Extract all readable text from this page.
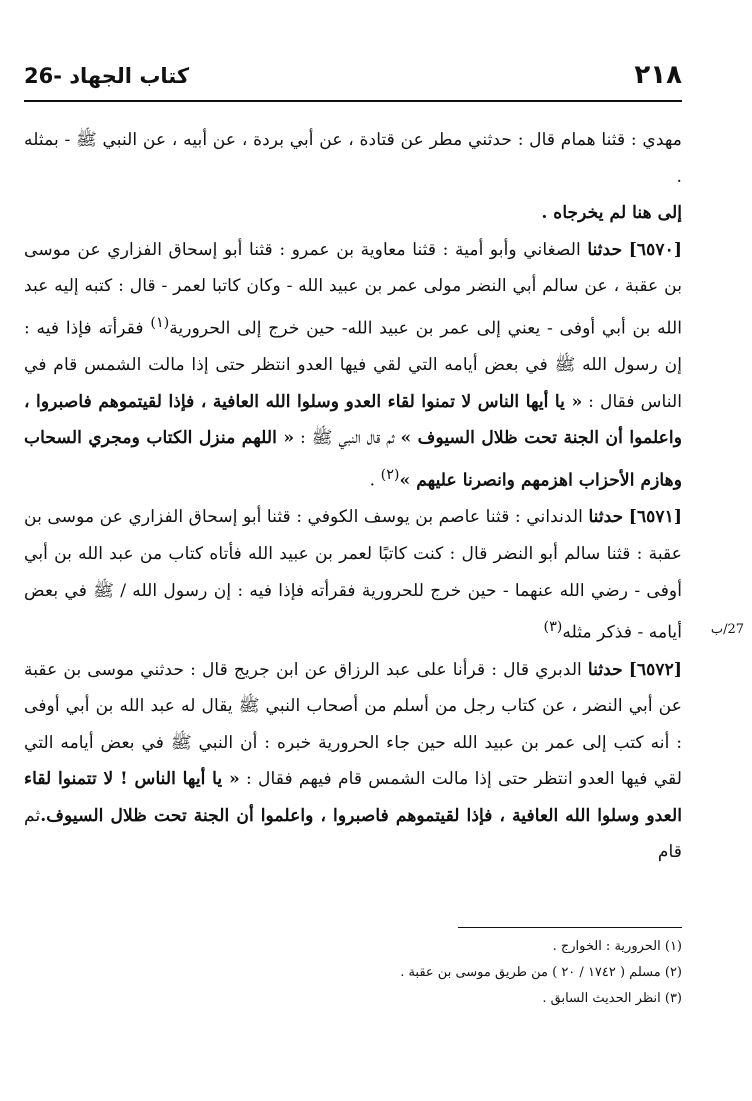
26- كتاب الجهاد	٢١٨

مهدي : قثنا همام قال : حدثني مطر عن قتادة ، عن أبي بردة ، عن أبيه ، عن النبي ﷺ - بمثله .

إلى هنا لم يخرجاه .

[٦٥٧٠] حدثنا الصغاني وأبو أمية : قثنا معاوية بن عمرو : قثنا أبو إسحاق الفزاري عن موسى بن عقبة ، عن سالم أبي النضر مولى عمر بن عبيد الله - وكان كاتبا لعمر - قال : كتبه إليه عبد الله بن أبي أوفى - يعني إلى عمر بن عبيد الله- حين خرج إلى الحرورية$^{(١)}$ فقرأته فإذا فيه : إن رسول الله ﷺ في بعض أيامه التي لقي فيها العدو انتظر حتى إذا مالت الشمس قام في الناس فقال : « يا أيها الناس لا تمنوا لقاء العدو وسلوا الله العافية ، فإذا لقيتموهم فاصبروا ، واعلموا أن الجنة تحت ظلال السيوف » ثم قال النبي ﷺ : « اللهم منزل الكتاب ومجري السحاب وهازم الأحزاب اهزمهم وانصرنا عليهم »$^{(٢)}$ .

[٦٥٧١] حدثنا الدنداني : قثنا عاصم بن يوسف الكوفي : قثنا أبو إسحاق الفزاري عن موسى بن عقبة : قثنا سالم أبو النضر قال : كنت كاتبًا لعمر بن عبيد الله فأتاه كتاب من عبد الله بن أبي أوفى - رضي الله عنهما - حين خرج للحرورية فقرأته فإذا فيه : إن رسول الله / ﷺ في بعض أيامه - فذكر مثله$^{(٣)}$

[٦٥٧٢] حدثنا الدبري قال : قرأنا على عبد الرزاق عن ابن جريج قال : حدثني موسى بن عقبة عن أبي النضر ، عن كتاب رجل من أسلم من أصحاب النبي ﷺ يقال له عبد الله بن أبي أوفى : أنه كتب إلى عمر بن عبيد الله حين جاء الحرورية خبره : أن النبي ﷺ في بعض أيامه التي لقي فيها العدو انتظر حتى إذا مالت الشمس قام فيهم فقال : « يا أيها الناس ! لا تتمنوا لقاء العدو وسلوا الله العافية ، فإذا لقيتموهم فاصبروا ، واعلموا أن الجنة تحت ظلال السيوف.ثم قام

27/ب
(١) الحرورية : الخوارج .
(٢) مسلم ( ١٧٤٢ / ٢٠ ) من طريق موسى بن عقبة .
(٣) انظر الحديث السابق .
